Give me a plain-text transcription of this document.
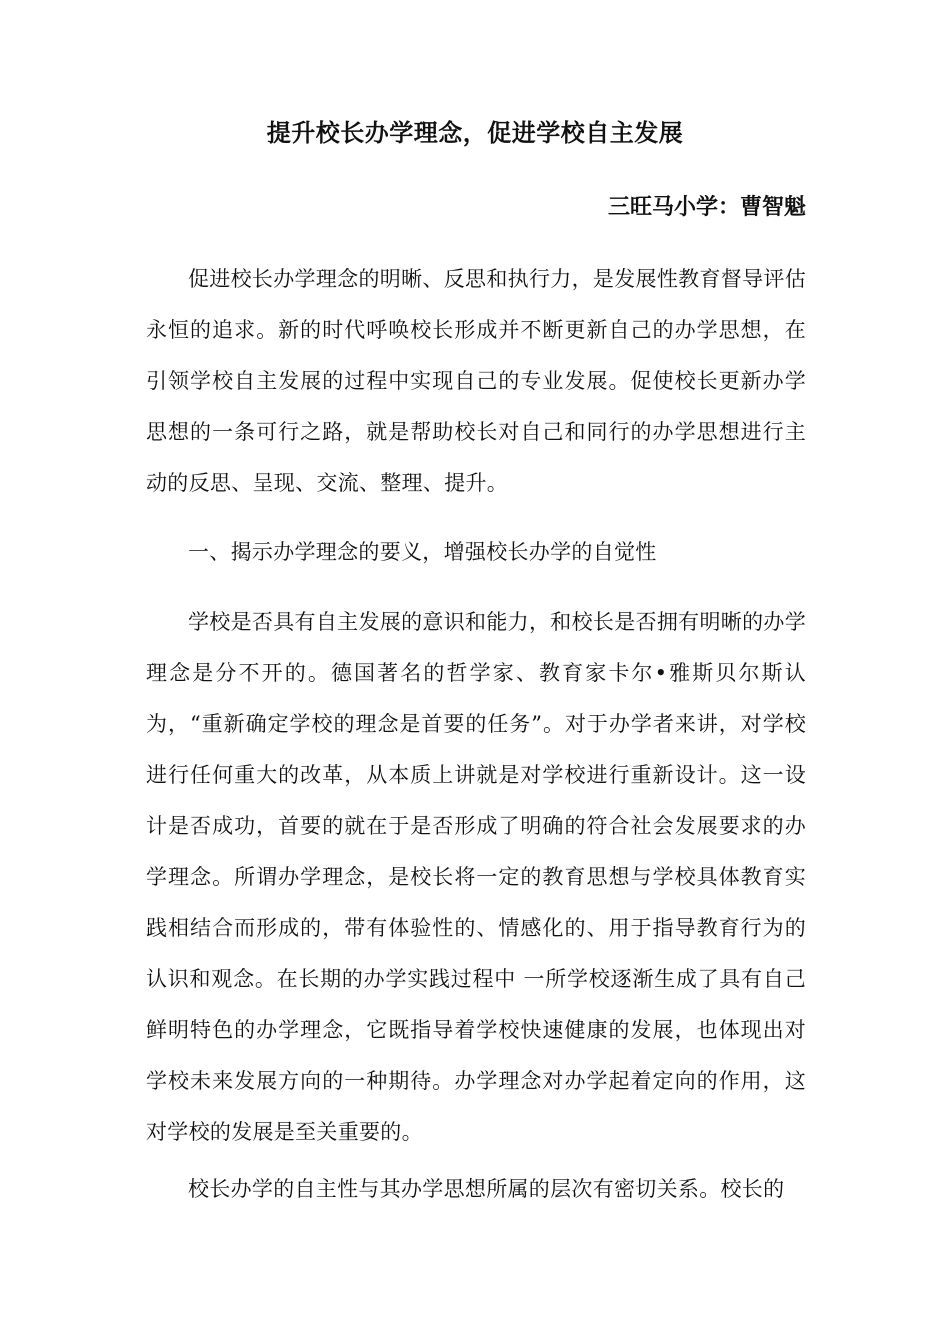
提升校长办学理念，促进学校自主发展

三旺马小学：曹智魁

促进校长办学理念的明晰、反思和执行力，是发展性教育督导评估永恒的追求。新的时代呼唤校长形成并不断更新自己的办学思想，在引领学校自主发展的过程中实现自己的专业发展。促使校长更新办学思想的一条可行之路，就是帮助校长对自己和同行的办学思想进行主动的反思、呈现、交流、整理、提升。

一、揭示办学理念的要义，增强校长办学的自觉性

学校是否具有自主发展的意识和能力，和校长是否拥有明晰的办学理念是分不开的。德国著名的哲学家、教育家卡尔•雅斯贝尔斯认为，“重新确定学校的理念是首要的任务”。对于办学者来讲，对学校进行任何重大的改革，从本质上讲就是对学校进行重新设计。这一设计是否成功，首要的就在于是否形成了明确的符合社会发展要求的办学理念。所谓办学理念，是校长将一定的教育思想与学校具体教育实践相结合而形成的，带有体验性的、情感化的、用于指导教育行为的认识和观念。在长期的办学实践过程中 一所学校逐渐生成了具有自己鲜明特色的办学理念，它既指导着学校快速健康的发展，也体现出对学校未来发展方向的一种期待。办学理念对办学起着定向的作用，这对学校的发展是至关重要的。

校长办学的自主性与其办学思想所属的层次有密切关系。校长的
